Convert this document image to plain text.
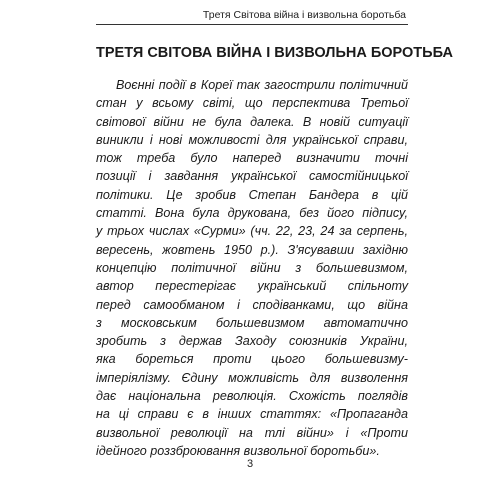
Третя Світова війна і визвольна боротьба
ТРЕТЯ СВІТОВА ВІЙНА І ВИЗВОЛЬНА БОРОТЬБА
Воєнні події в Кореї так загострили політичний
стан у всьому світі, що перспектива Третьої
світової війни не була далека. В новій ситуації
виникли і нові можливості для української справи,
тож треба було наперед визначити точні
позиції і завдання української самостійницької
політики. Це зробив Степан Бандера в цій
статті. Вона була друкована, без його підпису,
у трьох числах «Сурми» (чч. 22, 23, 24 за серпень,
вересень, жовтень 1950 р.). З'ясувавши західню
концепцію політичної війни з большевизмом,
автор перестерігає український спільноту
перед самообманом і сподіванками, що війна
з московським большевизмом автоматично
зробить з держав Заходу союзників України,
яка бореться проти цього большевизму-
імперіялізму. Єдину можливість для визволення
дає національна революція. Схожість поглядів
на ці справи є в інших статтях: «Пропаганда
визвольної революції на тлі війни» і «Проти
ідейного роззброювання визвольної боротьби».
3
